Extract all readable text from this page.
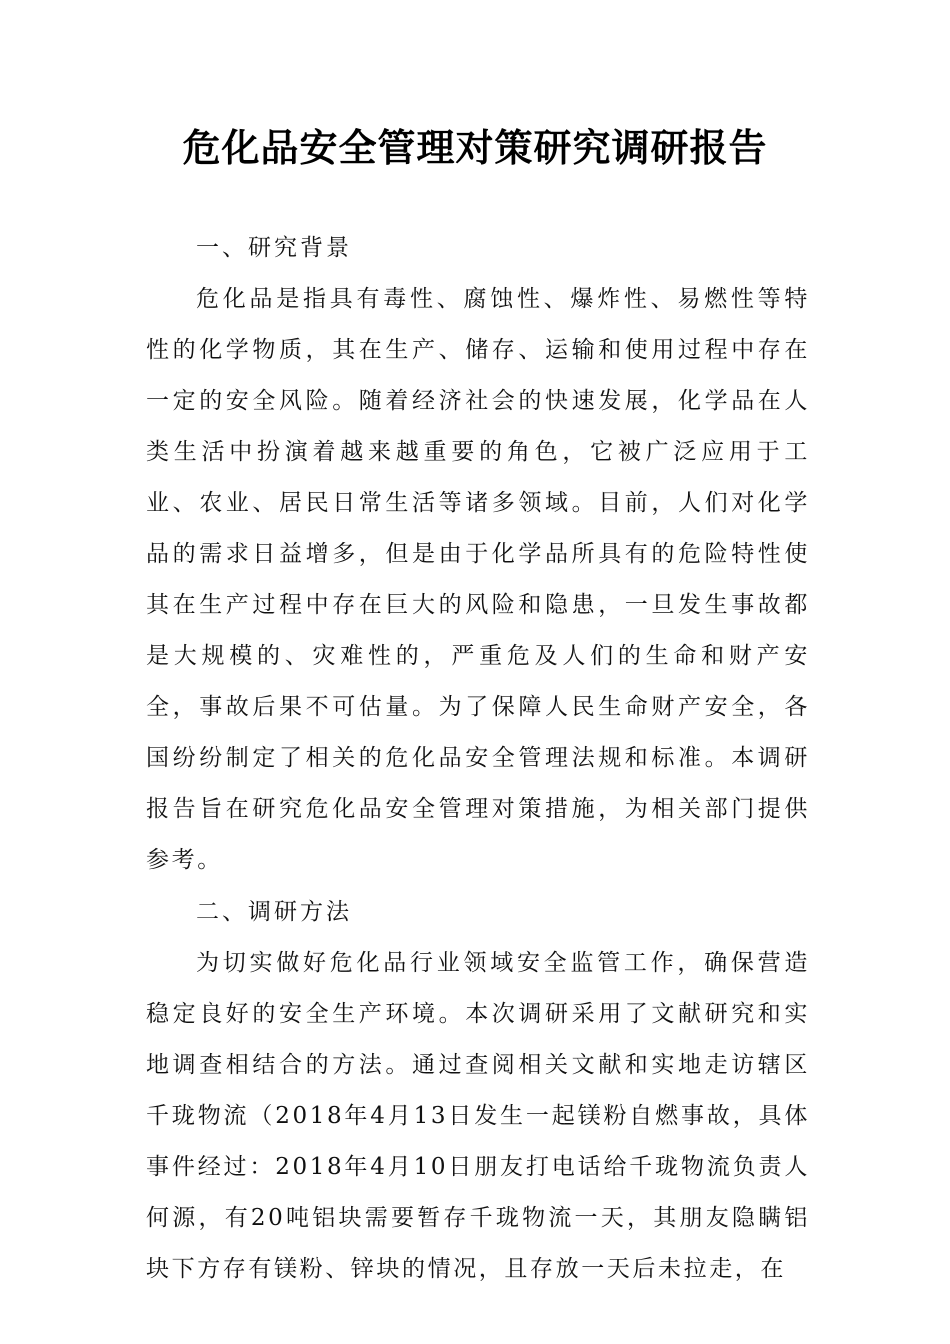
危化品安全管理对策研究调研报告
一、研究背景

危化品是指具有毒性、腐蚀性、爆炸性、易燃性等特性的化学物质，其在生产、储存、运输和使用过程中存在一定的安全风险。随着经济社会的快速发展，化学品在人类生活中扮演着越来越重要的角色，它被广泛应用于工业、农业、居民日常生活等诸多领域。目前，人们对化学品的需求日益增多，但是由于化学品所具有的危险特性使其在生产过程中存在巨大的风险和隐患，一旦发生事故都是大规模的、灾难性的，严重危及人们的生命和财产安全，事故后果不可估量。为了保障人民生命财产安全，各国纷纷制定了相关的危化品安全管理法规和标准。本调研报告旨在研究危化品安全管理对策措施，为相关部门提供参考。

二、调研方法

为切实做好危化品行业领域安全监管工作，确保营造稳定良好的安全生产环境。本次调研采用了文献研究和实地调查相结合的方法。通过查阅相关文献和实地走访辖区千珑物流（2018年4月13日发生一起镁粉自燃事故，具体事件经过：2018年4月10日朋友打电话给千珑物流负责人何源，有20吨铝块需要暂存千珑物流一天，其朋友隐瞒铝块下方存有镁粉、锌块的情况，且存放一天后未拉走，在
